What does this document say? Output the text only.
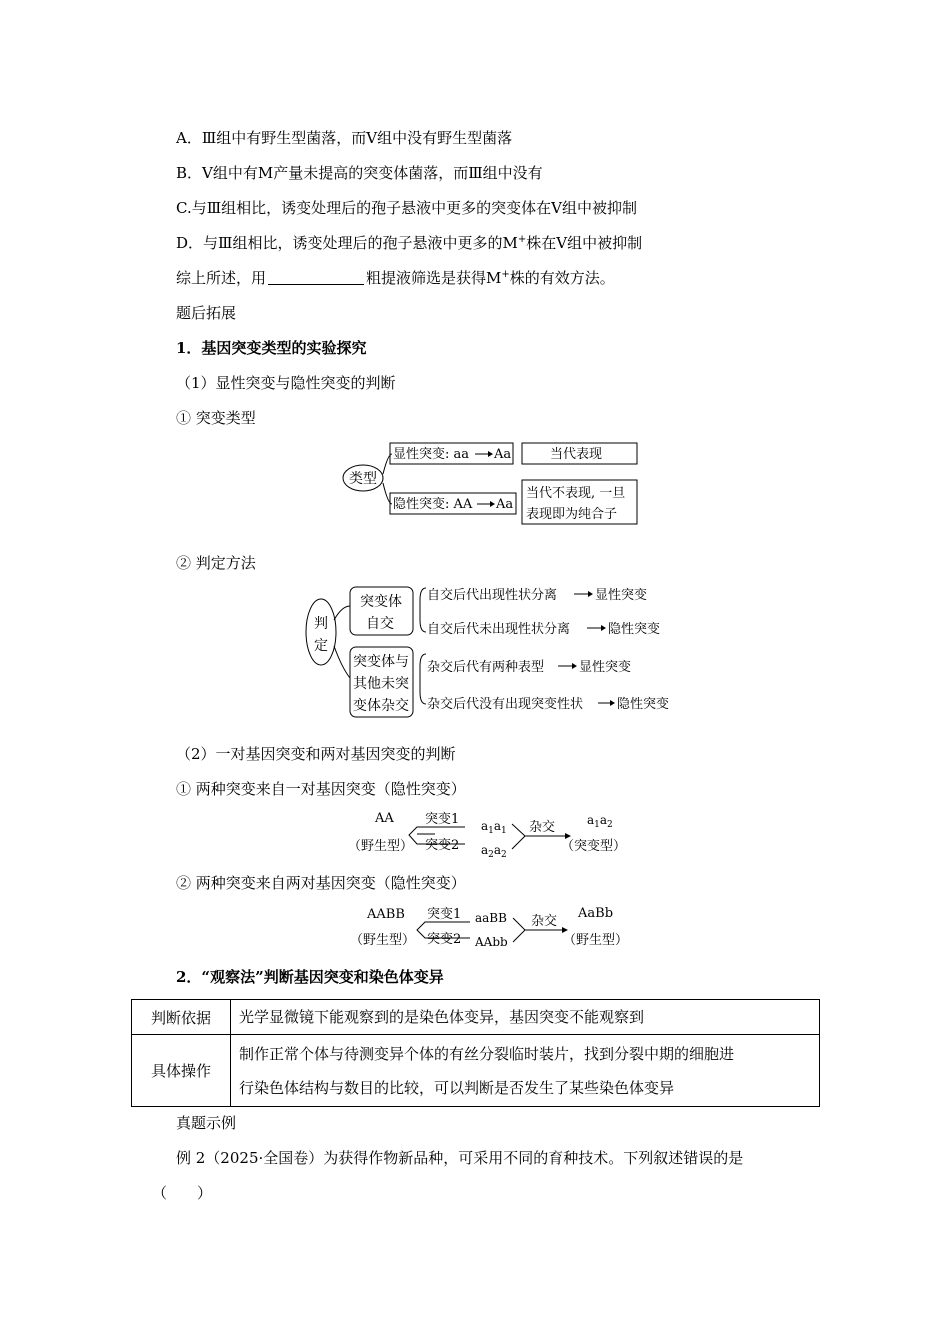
A．Ⅲ组中有野生型菌落，而Ⅴ组中没有野生型菌落
B．Ⅴ组中有M产量未提高的突变体菌落，而Ⅲ组中没有
C.与Ⅲ组相比，诱变处理后的孢子悬液中更多的突变体在Ⅴ组中被抑制
D．与Ⅲ组相比，诱变处理后的孢子悬液中更多的M+株在Ⅴ组中被抑制
综上所述，用	粗提液筛选是获得M+株的有效方法。
题后拓展
1．基因突变类型的实验探究
（1）显性突变与隐性突变的判断
① 突变类型
类型
显性突变: aa Aa	当代表现
隐性突变: AA Aa
当代不表现, 一旦
表现即为纯合子
② 判定方法
判
定
突变体
自交
自交后代出现性状分离	显性突变
自交后代未出现性状分离	隐性突变
突变体与
其他未突
变体杂交
杂交后代有两种表型	显性突变
杂交后代没有出现突变性状	隐性突变
（2）一对基因突变和两对基因突变的判断
① 两种突变来自一对基因突变（隐性突变）
AA
（野生型）
突变1
突变2
$a_1a_1$
$a_2a_2$
杂交	$a_1a_2$
（突变型）
② 两种突变来自两对基因突变（隐性突变）
AABB
（野生型）
突变1
突变2
aaBB
AAbb
杂交
AaBb
（野生型）
2．“观察法”判断基因突变和染色体变异
判断依据	光学显微镜下能观察到的是染色体变异，基因突变不能观察到
具体操作	制作正常个体与待测变异个体的有丝分裂临时装片，找到分裂中期的细胞进
行染色体结构与数目的比较，可以判断是否发生了某些染色体变异
真题示例
例 2（2025·全国卷）为获得作物新品种，可采用不同的育种技术。下列叙述错误的是
（　　）
